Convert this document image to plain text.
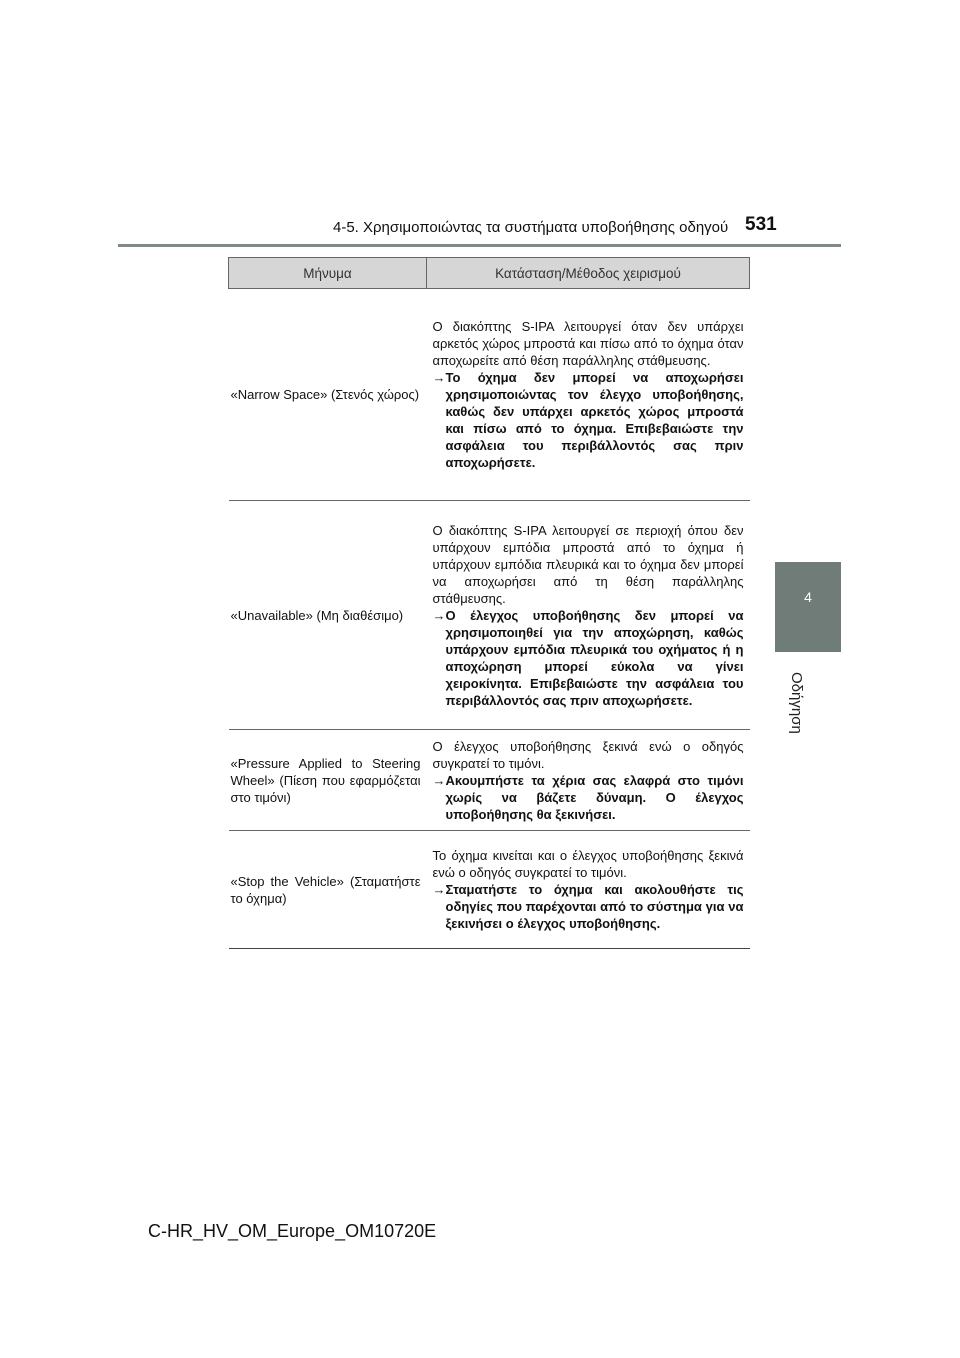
4-5. Χρησιμοποιώντας τα συστήματα υποβοήθησης οδηγού 531
4
Οδήγηση
Μήνυμα	Κατάσταση/Μέθοδος χειρισμού
«Narrow Space» (Στενός χώρος)	Ο διακόπτης S-IPA λειτουργεί όταν δεν υπάρχει αρκετός χώρος μπροστά και πίσω από το όχημα όταν αποχωρείτε από θέση παράλληλης στάθμευσης.
→ Το όχημα δεν μπορεί να αποχωρήσει χρησιμοποιώντας τον έλεγχο υποβοήθησης, καθώς δεν υπάρχει αρκετός χώρος μπροστά και πίσω από το όχημα. Επιβεβαιώστε την ασφάλεια του περιβάλλοντός σας πριν αποχωρήσετε.

«Unavailable» (Μη διαθέσιμο)	Ο διακόπτης S-IPA λειτουργεί σε περιοχή όπου δεν υπάρχουν εμπόδια μπροστά από το όχημα ή υπάρχουν εμπόδια πλευρικά και το όχημα δεν μπορεί να αποχωρήσει από τη θέση παράλληλης στάθμευσης.
→ Ο έλεγχος υποβοήθησης δεν μπορεί να χρησιμοποιηθεί για την αποχώρηση, καθώς υπάρχουν εμπόδια πλευρικά του οχήματος ή η αποχώρηση μπορεί εύκολα να γίνει χειροκίνητα. Επιβεβαιώστε την ασφάλεια του περιβάλλοντός σας πριν αποχωρήσετε.

«Pressure Applied to Steering Wheel» (Πίεση που εφαρμόζεται στο τιμόνι)	Ο έλεγχος υποβοήθησης ξεκινά ενώ ο οδηγός συγκρατεί το τιμόνι.
→ Ακουμπήστε τα χέρια σας ελαφρά στο τιμόνι χωρίς να βάζετε δύναμη. Ο έλεγχος υποβοήθησης θα ξεκινήσει.

«Stop the Vehicle» (Σταματήστε το όχημα)	Το όχημα κινείται και ο έλεγχος υποβοήθησης ξεκινά ενώ ο οδηγός συγκρατεί το τιμόνι.
→ Σταματήστε το όχημα και ακολουθήστε τις οδηγίες που παρέχονται από το σύστημα για να ξεκινήσει ο έλεγχος υποβοήθησης.
C-HR_HV_OM_Europe_OM10720E
